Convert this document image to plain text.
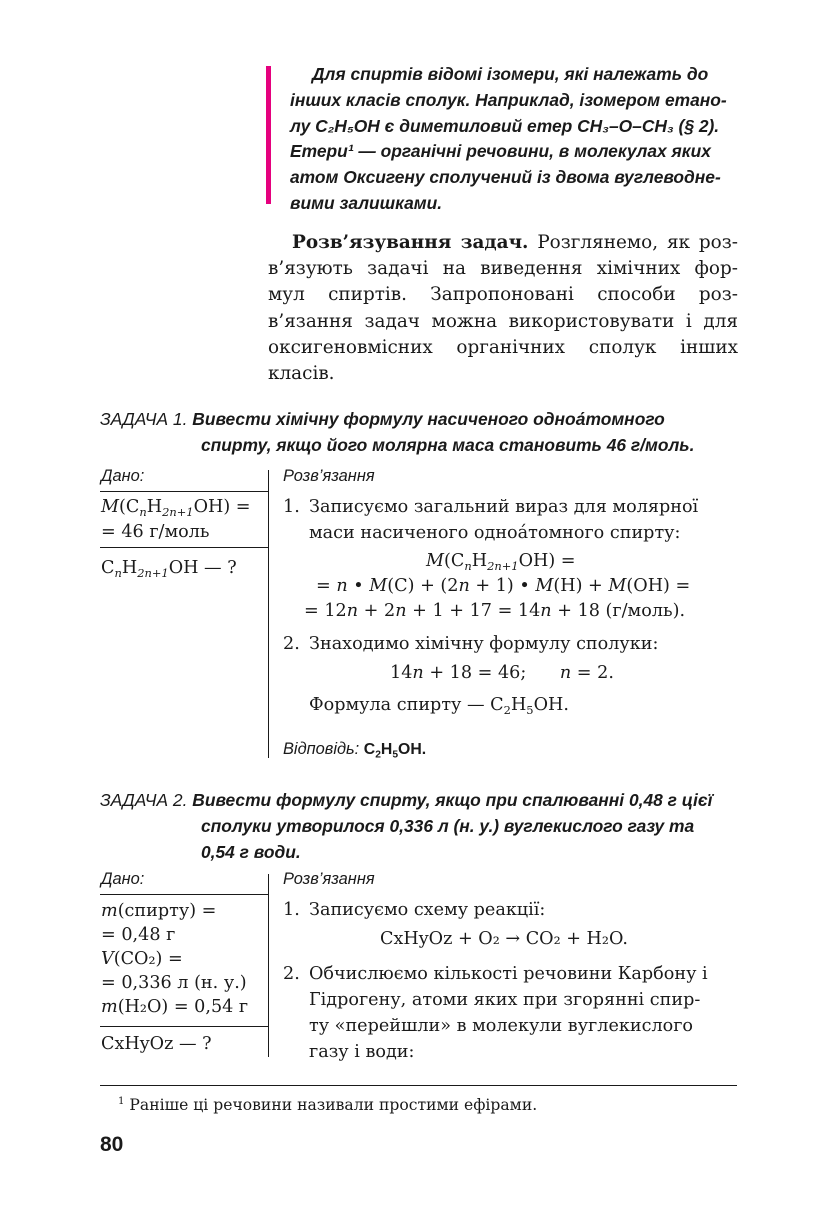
Для спиртів відомі ізомери, які належать до
інших класів сполук. Наприклад, ізомером етано-
лу C₂H₅OH є диметиловий етер CH₃–O–CH₃ (§ 2).
Етери¹ — органічні речовини, в молекулах яких
атом Оксигену сполучений із двома вуглеводне-
вими залишками.
Розв’язування задач. Розглянемо, як роз-
в’язують задачі на виведення хімічних фор-
мул спиртів. Запропоновані способи роз-
в’язання задач можна використовувати і для
оксигеновмісних органічних сполук інших
класів.
ЗАДАЧА 1. Вивести хімічну формулу насиченого одноа́томного
спирту, якщо його молярна маса становить 46 г/моль.
Дано:	Розв’язання
$M(C_nH_{2n+1}OH)$ =
= 46 г/моль
$C_nH_{2n+1}OH$ — ?
1. Записуємо загальний вираз для молярної
маси насиченого одноа́томного спирту:
$M(C_nH_{2n+1}OH)$ =
= n • M(C) + (2n + 1) • M(H) + M(OH) =
= 12n + 2n + 1 + 17 = 14n + 18 (г/моль).
2. Знаходимо хімічну формулу сполуки:
14n + 18 = 46;      n = 2.
Формула спирту — $C_2H_5OH$.
Відповідь: $C_2H_5OH$.
ЗАДАЧА 2. Вивести формулу спирту, якщо при спалюванні 0,48 г цієї
сполуки утворилося 0,336 л (н. у.) вуглекислого газу та
0,54 г води.
Дано:	Розв’язання
m(спирту) =
= 0,48 г
V(CO₂) =
= 0,336 л (н. у.)
m(H₂O) = 0,54 г
CxHyOz — ?
1. Записуємо схему реакції:
CxHyOz + O₂ → CO₂ + H₂O.
2. Обчислюємо кількості речовини Карбону і
Гідрогену, атоми яких при згорянні спир-
ту «перейшли» в молекули вуглекислого
газу і води:
$^1$ Раніше ці речовини називали простими ефірами.
80
